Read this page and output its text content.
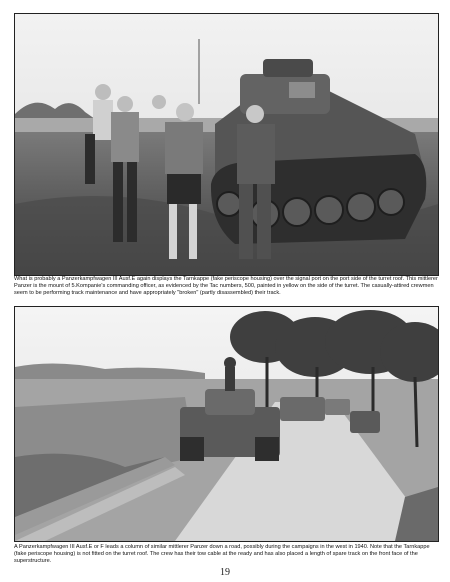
What is probably a Panzerkampfwagen III Ausf.E again displays the Tarnkappe (fake periscope housing) over the signal port on the port side of the turret roof. This mittlerer Panzer is the mount of 5.Kompanie's commanding officer, as evidenced by the Tac numbers, 500, painted in yellow on the side of the turret. The casually-attired crewmen seem to be performing track maintenance and have appropriately "broken" (partly disassembled) their track.

A Panzerkampfwagen III Ausf.E or F leads a column of similar mittlerer Panzer down a road, possibly during the campaigns in the west in 1940. Note that the Tarnkappe (fake periscope housing) is not fitted on the turret roof. The crew has their tow cable at the ready and has also placed a length of spare track on the front face of the superstructure.

19
